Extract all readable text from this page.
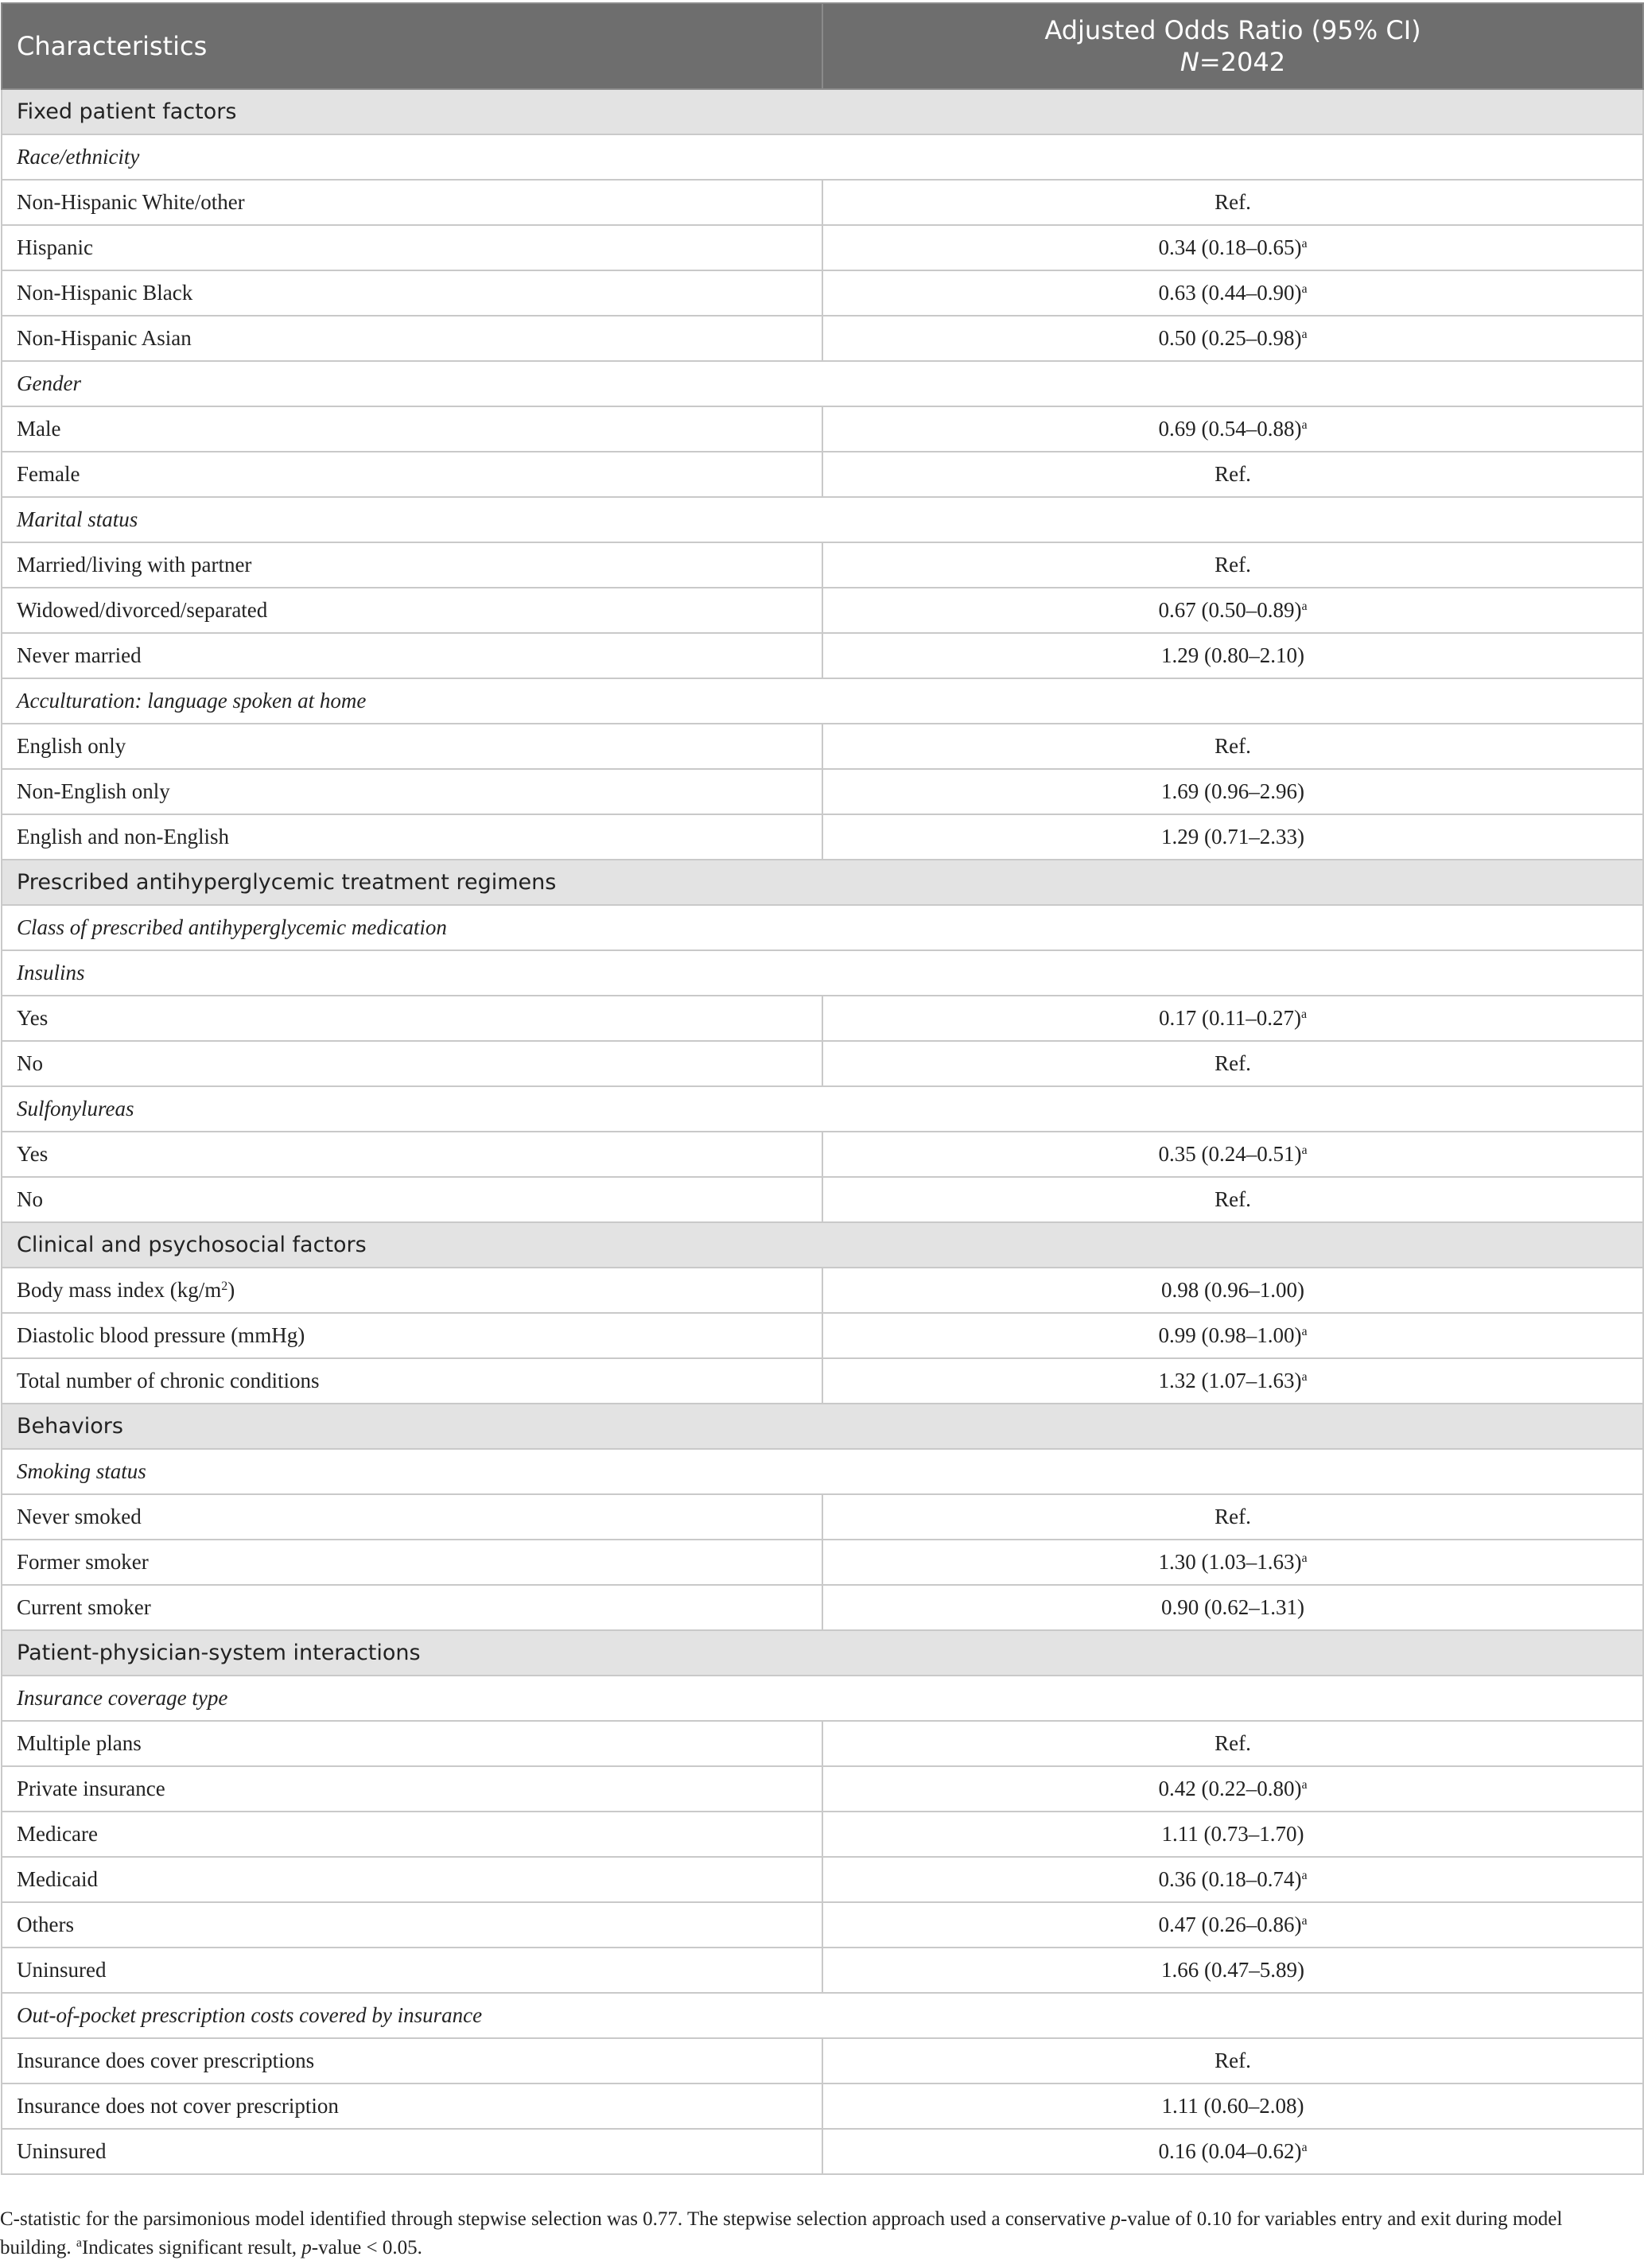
Characteristics	Adjusted Odds Ratio (95% CI)
N=2042
Fixed patient factors	
Race/ethnicity	
Non-Hispanic White/other	Ref.
Hispanic	0.34 $(0.18-0.65)^a$
Non-Hispanic Black	0.63 $(0.44-0.90)^a$
Non-Hispanic Asian	0.50 $(0.25-0.98)^a$
Gender	
Male	0.69 $(0.54-0.88)^a$
Female	Ref.
Marital status	
Married/living with partner	Ref.
Widowed/divorced/separated	0.67 $(0.50-0.89)^a$
Never married	1.29 (0.80–2.10)
Acculturation: language spoken at home	
English only	Ref.
Non-English only	1.69 (0.96–2.96)
English and non-English	1.29 (0.71–2.33)
Prescribed antihyperglycemic treatment regimens	
Class of prescribed antihyperglycemic medication	
Insulins	
Yes	0.17 $(0.11-0.27)^a$
No	Ref.
Sulfonylureas	
Yes	0.35 $(0.24-0.51)^a$
No	Ref.
Clinical and psychosocial factors	
Body mass index $(kg/m^2)$	0.98 (0.96–1.00)
Diastolic blood pressure (mmHg)	0.99 $(0.98-1.00)^a$
Total number of chronic conditions	1.32 $(1.07-1.63)^a$
Behaviors	
Smoking status	
Never smoked	Ref.
Former smoker	1.30 $(1.03-1.63)^a$
Current smoker	0.90 (0.62–1.31)
Patient-physician-system interactions	
Insurance coverage type	
Multiple plans	Ref.
Private insurance	0.42 $(0.22-0.80)^a$
Medicare	1.11 (0.73–1.70)
Medicaid	0.36 $(0.18-0.74)^a$
Others	0.47 $(0.26-0.86)^a$
Uninsured	1.66 (0.47–5.89)
Out-of-pocket prescription costs covered by insurance	
Insurance does cover prescriptions	Ref.
Insurance does not cover prescription	1.11 (0.60–2.08)
Uninsured	0.16 $(0.04-0.62)^a$
C-statistic for the parsimonious model identified through stepwise selection was 0.77. The stepwise selection approach used a conservative p-value of 0.10 for variables entry and exit during model building. $^a$Indicates significant result, p-value < 0.05.
